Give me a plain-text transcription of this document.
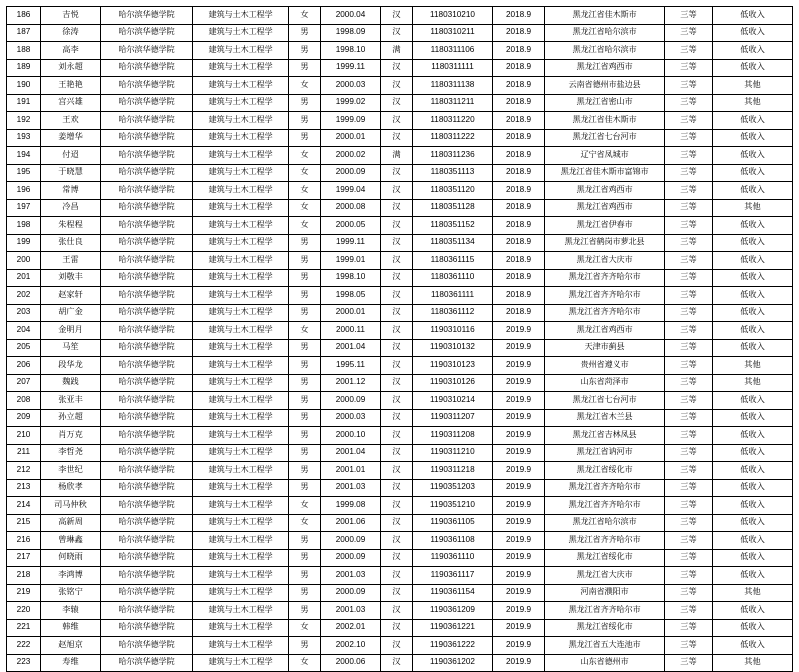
186	吉悦	哈尔滨华德学院	建筑与土木工程学	女	2000.04	汉	1180310210	2018.9	黑龙江省佳木斯市	三等	低收入
187	徐涛	哈尔滨华德学院	建筑与土木工程学	男	1998.09	汉	1180310211	2018.9	黑龙江省哈尔滨市	三等	低收入
188	高李	哈尔滨华德学院	建筑与土木工程学	男	1998.10	满	1180311106	2018.9	黑龙江省哈尔滨市	三等	低收入
189	刘永超	哈尔滨华德学院	建筑与土木工程学	男	1999.11	汉	1180311111	2018.9	黑龙江省鸡西市	三等	低收入
190	王艳艳	哈尔滨华德学院	建筑与土木工程学	女	2000.03	汉	1180311138	2018.9	云南省德州市盐边县	三等	其他
191	宫兴雄	哈尔滨华德学院	建筑与土木工程学	男	1999.02	汉	1180311211	2018.9	黑龙江省密山市	三等	其他
192	王欢	哈尔滨华德学院	建筑与土木工程学	男	1999.09	汉	1180311220	2018.9	黑龙江省佳木斯市	三等	低收入
193	姜增华	哈尔滨华德学院	建筑与土木工程学	男	2000.01	汉	1180311222	2018.9	黑龙江省七台河市	三等	低收入
194	付迢	哈尔滨华德学院	建筑与土木工程学	女	2000.02	满	1180311236	2018.9	辽宁省凤城市	三等	低收入
195	于晓慧	哈尔滨华德学院	建筑与土木工程学	女	2000.09	汉	1180351113	2018.9	黑龙江省佳木斯市富锦市	三等	低收入
196	常博	哈尔滨华德学院	建筑与土木工程学	女	1999.04	汉	1180351120	2018.9	黑龙江省鸡西市	三等	低收入
197	冷昌	哈尔滨华德学院	建筑与土木工程学	女	2000.08	汉	1180351128	2018.9	黑龙江省鸡西市	三等	其他
198	朱程程	哈尔滨华德学院	建筑与土木工程学	女	2000.05	汉	1180351152	2018.9	黑龙江省伊春市	三等	低收入
199	张仕良	哈尔滨华德学院	建筑与土木工程学	男	1999.11	汉	1180351134	2018.9	黑龙江省鹤岗市萝北县	三等	低收入
200	王雷	哈尔滨华德学院	建筑与土木工程学	男	1999.01	汉	1180361115	2018.9	黑龙江省大庆市	三等	低收入
201	刘敬丰	哈尔滨华德学院	建筑与土木工程学	男	1998.10	汉	1180361110	2018.9	黑龙江省齐齐哈尔市	三等	低收入
202	赵家轩	哈尔滨华德学院	建筑与土木工程学	男	1998.05	汉	1180361111	2018.9	黑龙江省齐齐哈尔市	三等	低收入
203	胡广金	哈尔滨华德学院	建筑与土木工程学	男	2000.01	汉	1180361112	2018.9	黑龙江省齐齐哈尔市	三等	低收入
204	金明月	哈尔滨华德学院	建筑与土木工程学	女	2000.11	汉	1190310116	2019.9	黑龙江省鸡西市	三等	低收入
205	马笙	哈尔滨华德学院	建筑与土木工程学	男	2001.04	汉	1190310132	2019.9	天津市蓟县	三等	低收入
206	段华龙	哈尔滨华德学院	建筑与土木工程学	男	1995.11	汉	1190310123	2019.9	贵州省遵义市	三等	其他
207	魏践	哈尔滨华德学院	建筑与土木工程学	男	2001.12	汉	1190310126	2019.9	山东省菏泽市	三等	其他
208	张亚丰	哈尔滨华德学院	建筑与土木工程学	男	2000.09	汉	1190310214	2019.9	黑龙江省七台河市	三等	低收入
209	孙立超	哈尔滨华德学院	建筑与土木工程学	男	2000.03	汉	1190311207	2019.9	黑龙江省木兰县	三等	低收入
210	肖万克	哈尔滨华德学院	建筑与土木工程学	男	2000.10	汉	1190311208	2019.9	黑龙江省吉林凤县	三等	低收入
211	李哲尧	哈尔滨华德学院	建筑与土木工程学	男	2001.04	汉	1190311210	2019.9	黑龙江省讷河市	三等	低收入
212	李世纪	哈尔滨华德学院	建筑与土木工程学	男	2001.01	汉	1190311218	2019.9	黑龙江省绥化市	三等	低收入
213	杨欣孝	哈尔滨华德学院	建筑与土木工程学	男	2001.03	汉	1190351203	2019.9	黑龙江省齐齐哈尔市	三等	低收入
214	司马仲秋	哈尔滨华德学院	建筑与土木工程学	女	1999.08	汉	1190351210	2019.9	黑龙江省齐齐哈尔市	三等	低收入
215	高新周	哈尔滨华德学院	建筑与土木工程学	女	2001.06	汉	1190361105	2019.9	黑龙江省哈尔滨市	三等	低收入
216	曾琳鑫	哈尔滨华德学院	建筑与土木工程学	男	2000.09	汉	1190361108	2019.9	黑龙江省齐齐哈尔市	三等	低收入
217	何晓雨	哈尔滨华德学院	建筑与土木工程学	男	2000.09	汉	1190361110	2019.9	黑龙江省绥化市	三等	低收入
218	李鸿博	哈尔滨华德学院	建筑与土木工程学	男	2001.03	汉	1190361117	2019.9	黑龙江省大庆市	三等	低收入
219	张铭宁	哈尔滨华德学院	建筑与土木工程学	男	2000.09	汉	1190361154	2019.9	河南省濮阳市	三等	其他
220	李辕	哈尔滨华德学院	建筑与土木工程学	男	2001.03	汉	1190361209	2019.9	黑龙江省齐齐哈尔市	三等	低收入
221	韩维	哈尔滨华德学院	建筑与土木工程学	女	2002.01	汉	1190361221	2019.9	黑龙江省绥化市	三等	低收入
222	赵旭京	哈尔滨华德学院	建筑与土木工程学	男	2002.10	汉	1190361222	2019.9	黑龙江省五大连池市	三等	低收入
223	寿维	哈尔滨华德学院	建筑与土木工程学	女	2000.06	汉	1190361202	2019.9	山东省德州市	三等	其他
